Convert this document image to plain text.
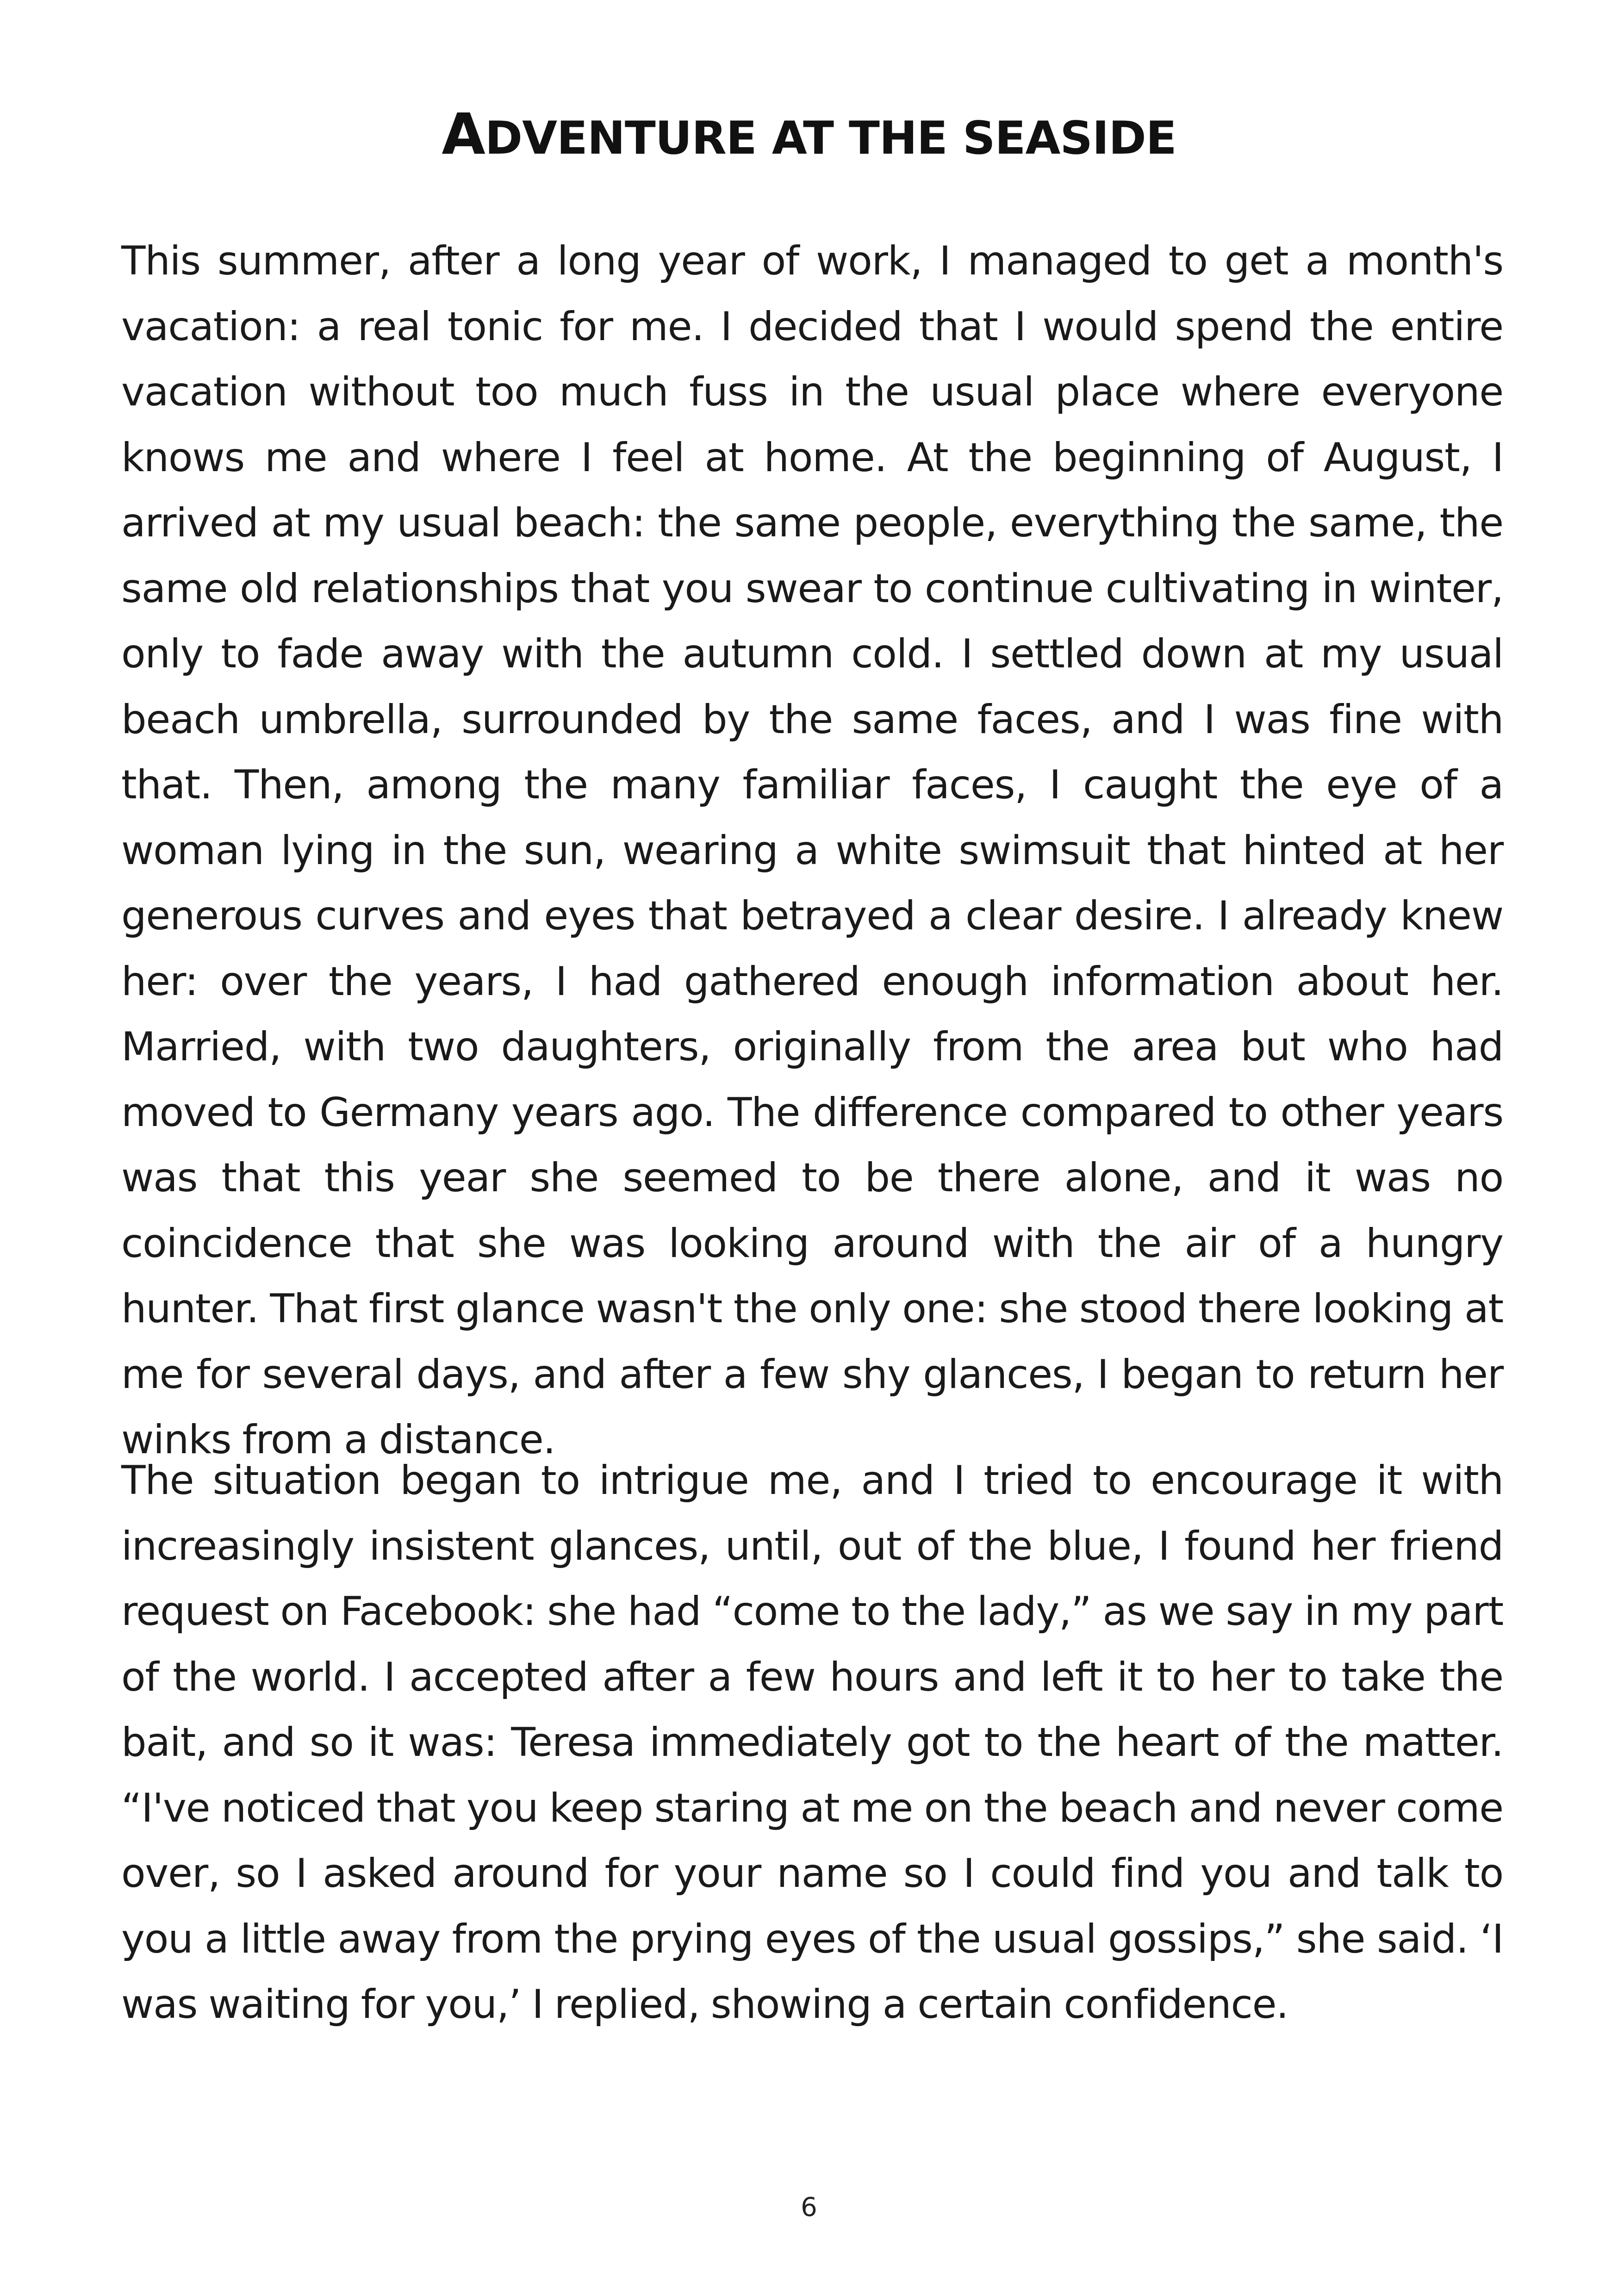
ADVENTURE AT THE SEASIDE

This summer, after a long year of work, I managed to get a month's vacation: a real tonic for me. I decided that I would spend the entire vacation without too much fuss in the usual place where everyone knows me and where I feel at home. At the beginning of August, I arrived at my usual beach: the same people, everything the same, the same old relationships that you swear to continue cultivating in winter, only to fade away with the autumn cold. I settled down at my usual beach umbrella, surrounded by the same faces, and I was fine with that. Then, among the many familiar faces, I caught the eye of a woman lying in the sun, wearing a white swimsuit that hinted at her generous curves and eyes that betrayed a clear desire. I already knew her: over the years, I had gathered enough information about her. Married, with two daughters, originally from the area but who had moved to Germany years ago. The difference compared to other years was that this year she seemed to be there alone, and it was no coincidence that she was looking around with the air of a hungry hunter. That first glance wasn't the only one: she stood there looking at me for several days, and after a few shy glances, I began to return her winks from a distance.

The situation began to intrigue me, and I tried to encourage it with increasingly insistent glances, until, out of the blue, I found her friend request on Facebook: she had “come to the lady,” as we say in my part of the world. I accepted after a few hours and left it to her to take the bait, and so it was: Teresa immediately got to the heart of the matter. “I've noticed that you keep staring at me on the beach and never come over, so I asked around for your name so I could find you and talk to you a little away from the prying eyes of the usual gossips,” she said. ‘I was waiting for you,’ I replied, showing a certain confidence.

6
